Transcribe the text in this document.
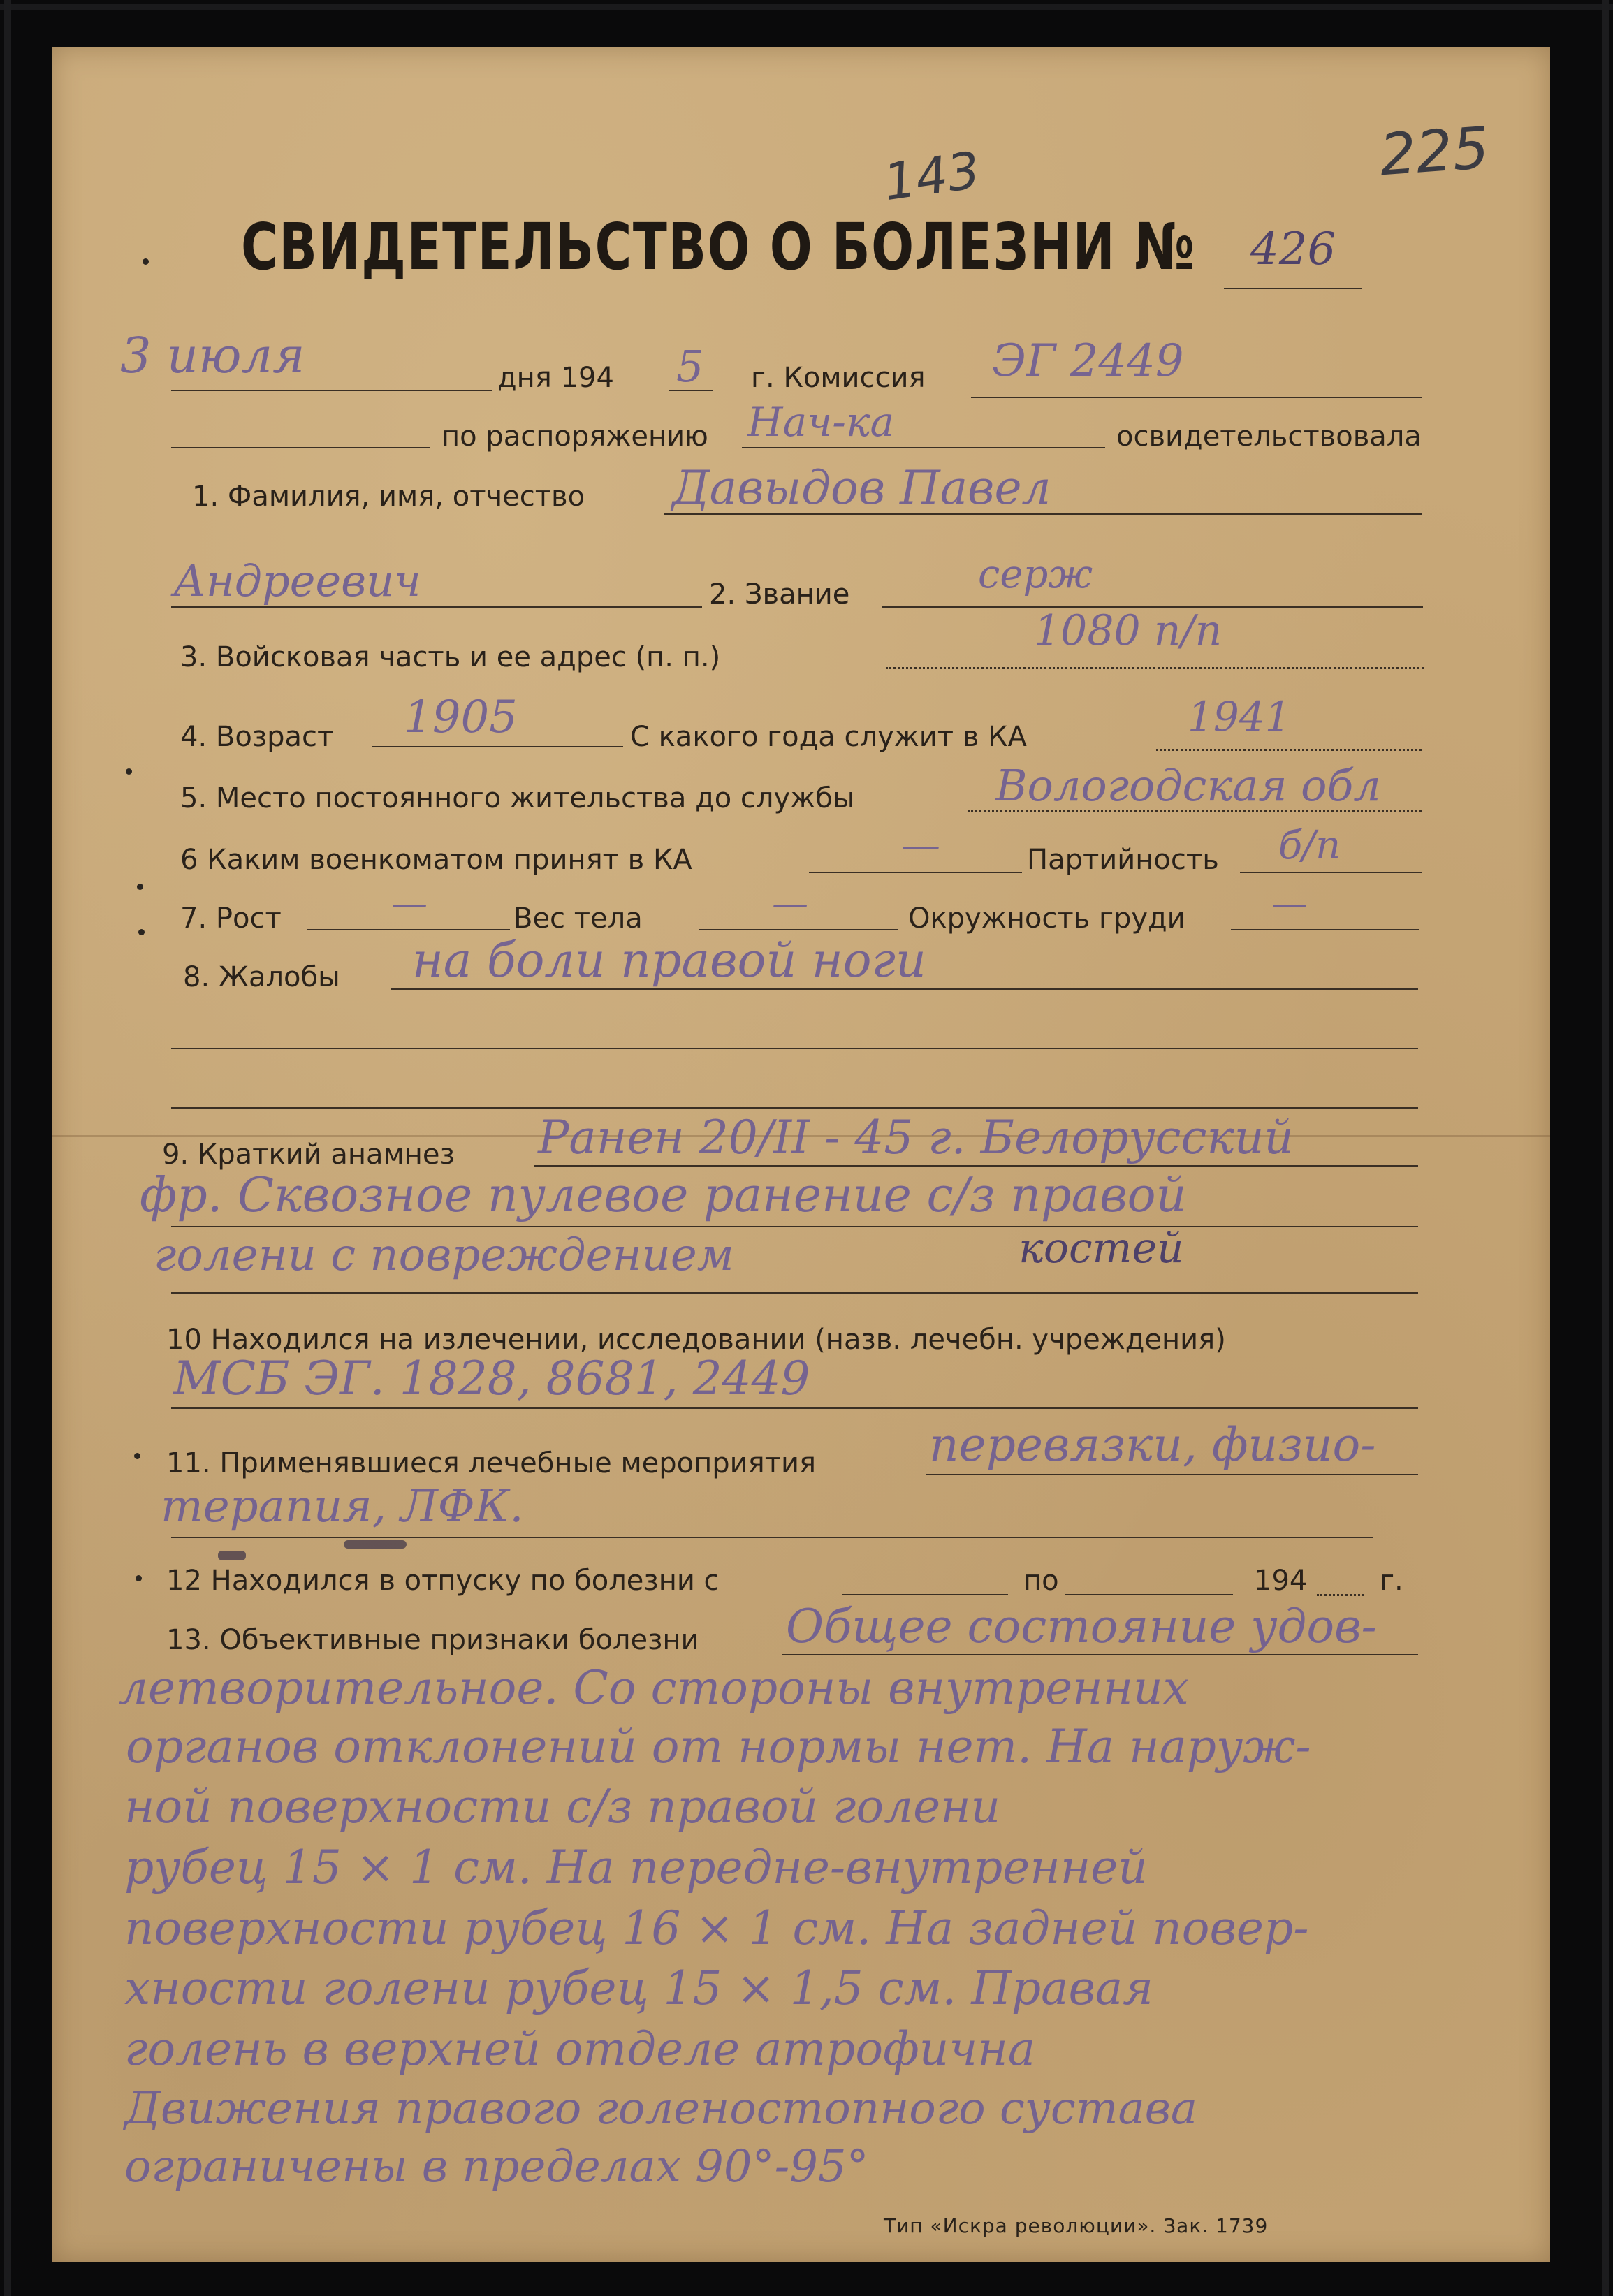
225
143
СВИДЕТЕЛЬСТВО О БОЛЕЗНИ № 426
3 июля	дня 194 5 г. Комиссия ЭГ 2449
по распоряжению Нач-ка	освидетельствовала
1. Фамилия, имя, отчество Давыдов Павел
Андреевич	2. Звание	серж
3. Войсковая часть и ее адрес (п. п.)
1080 п/п
4. Возраст 1905	С какого года служит в КА	1941
5. Место постоянного жительства до службы	Вологодская обл
6 Каким военкоматом принят в КА	—	Партийность б/п
7. Рост	—	Вес тела	—	Окружность груди —
8. Жалобы на боли правой ноги
9. Краткий анамнез Ранен 20/II - 45 г. Белорусский
фр. Сквозное пулевое ранение с/з правой
голени с повреждением	костей
10 Находился на излечении, исследовании (назв. лечебн. учреждения)
МСБ ЭГ. 1828, 8681, 2449
11. Применявшиеся лечебные мероприятия перевязки, физио-
терапия, ЛФК.
12 Находился в отпуску по болезни с	по	194	г.
13. Объективные признаки болезни Общее состояние удов-
летворительное. Со стороны внутренних
органов отклонений от нормы нет. На наруж-
ной поверхности с/з правой голени
рубец 15 × 1 см. На передне-внутренней
поверхности рубец 16 × 1 см. На задней повер-
хности голени рубец 15 × 1,5 см. Правая
голень в верхней отделе атрофична
Движения правого голеностопного сустава
ограничены в пределах 90°-95°
Тип «Искра революции». Зак. 1739
